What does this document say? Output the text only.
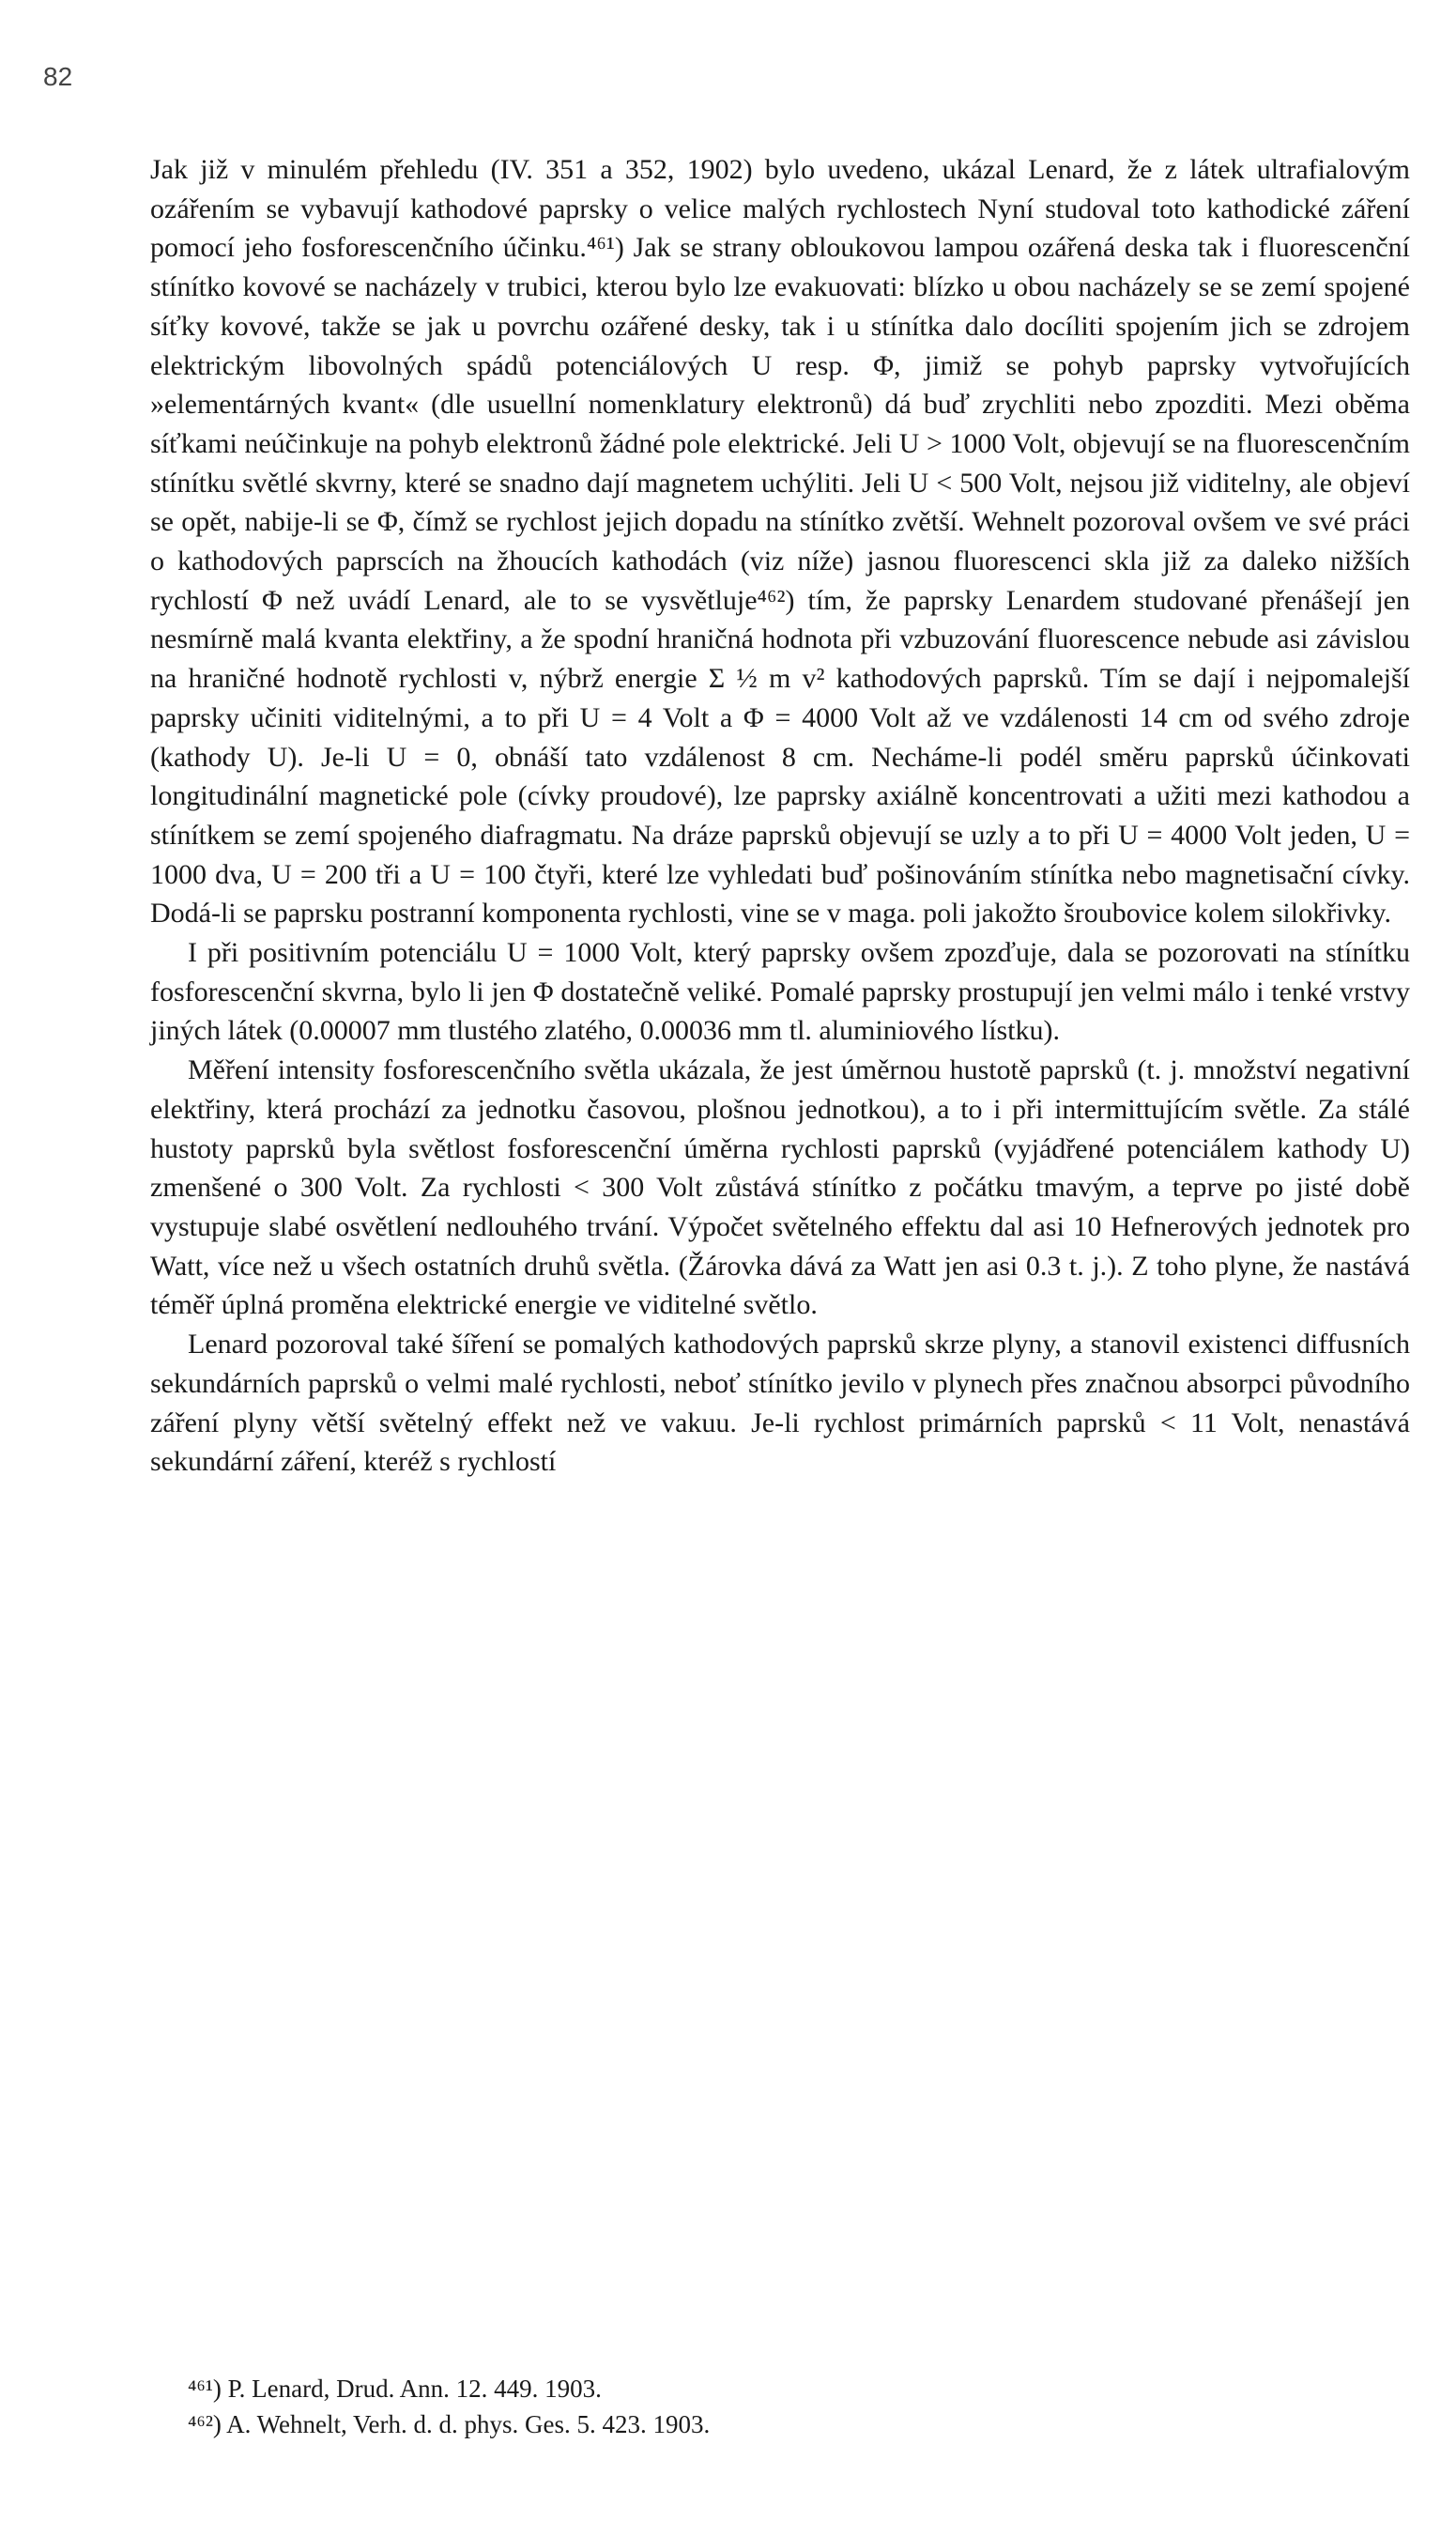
82

Jak již v minulém přehledu (IV. 351 a 352, 1902) bylo uvedeno, ukázal Lenard, že z látek ultrafialovým ozářením se vybavují kathodové paprsky o velice malých rychlostech Nyní studoval toto kathodické záření pomocí jeho fosforescenčního účinku.⁴⁶¹) Jak se strany obloukovou lampou ozářená deska tak i fluorescenční stínítko kovové se nacházely v trubici, kterou bylo lze evakuovati: blízko u obou nacházely se se zemí spojené síťky kovové, takže se jak u povrchu ozářené desky, tak i u stínítka dalo docíliti spojením jich se zdrojem elektrickým libovolných spádů potenciálových U resp. Φ, jimiž se pohyb paprsky vytvořujících »elementárných kvant« (dle usuellní nomenklatury elektronů) dá buď zrychliti nebo zpozditi. Mezi oběma síťkami neúčinkuje na pohyb elektronů žádné pole elektrické. Jeli U > 1000 Volt, objevují se na fluorescenčním stínítku světlé skvrny, které se snadno dají magnetem uchýliti. Jeli U < 500 Volt, nejsou již viditelny, ale objeví se opět, nabije-li se Φ, čímž se rychlost jejich dopadu na stínítko zvětší. Wehnelt pozoroval ovšem ve své práci o kathodových paprscích na žhoucích kathodách (viz níže) jasnou fluorescenci skla již za daleko nižších rychlostí Φ než uvádí Lenard, ale to se vysvětluje⁴⁶²) tím, že paprsky Lenardem studované přenášejí jen nesmírně malá kvanta elektřiny, a že spodní hraničná hodnota při vzbuzování fluorescence nebude asi závislou na hraničné hodnotě rychlosti v, nýbrž energie Σ ½ m v² kathodových paprsků. Tím se dají i nejpomalejší paprsky učiniti viditelnými, a to při U = 4 Volt a Φ = 4000 Volt až ve vzdálenosti 14 cm od svého zdroje (kathody U). Je-li U = 0, obnáší tato vzdálenost 8 cm. Necháme-li podél směru paprsků účinkovati longitudinální magnetické pole (cívky proudové), lze paprsky axiálně koncentrovati a užiti mezi kathodou a stínítkem se zemí spojeného diafragmatu. Na dráze paprsků objevují se uzly a to při U = 4000 Volt jeden, U = 1000 dva, U = 200 tři a U = 100 čtyři, které lze vyhledati buď pošinováním stínítka nebo magnetisační cívky. Dodá-li se paprsku postranní komponenta rychlosti, vine se v maga. poli jakožto šroubovice kolem silokřivky.

I při positivním potenciálu U = 1000 Volt, který paprsky ovšem zpozďuje, dala se pozorovati na stínítku fosforescenční skvrna, bylo li jen Φ dostatečně veliké. Pomalé paprsky prostupují jen velmi málo i tenké vrstvy jiných látek (0.00007 mm tlustého zlatého, 0.00036 mm tl. aluminiového lístku).

Měření intensity fosforescenčního světla ukázala, že jest úměrnou hustotě paprsků (t. j. množství negativní elektřiny, která prochází za jednotku časovou, plošnou jednotkou), a to i při intermittujícím světle. Za stálé hustoty paprsků byla světlost fosforescenční úměrna rychlosti paprsků (vyjádřené potenciálem kathody U) zmenšené o 300 Volt. Za rychlosti < 300 Volt zůstává stínítko z počátku tmavým, a teprve po jisté době vystupuje slabé osvětlení nedlouhého trvání. Výpočet světelného effektu dal asi 10 Hefnerových jednotek pro Watt, více než u všech ostatních druhů světla. (Žárovka dává za Watt jen asi 0.3 t. j.). Z toho plyne, že nastává téměř úplná proměna elektrické energie ve viditelné světlo.

Lenard pozoroval také šíření se pomalých kathodových paprsků skrze plyny, a stanovil existenci diffusních sekundárních paprsků o velmi malé rychlosti, neboť stínítko jevilo v plynech přes značnou absorpci původního záření plyny větší světelný effekt než ve vakuu. Je-li rychlost primárních paprsků < 11 Volt, nenastává sekundární záření, kteréž s rychlostí

⁴⁶¹) P. Lenard, Drud. Ann. 12. 449. 1903.
⁴⁶²) A. Wehnelt, Verh. d. d. phys. Ges. 5. 423. 1903.
